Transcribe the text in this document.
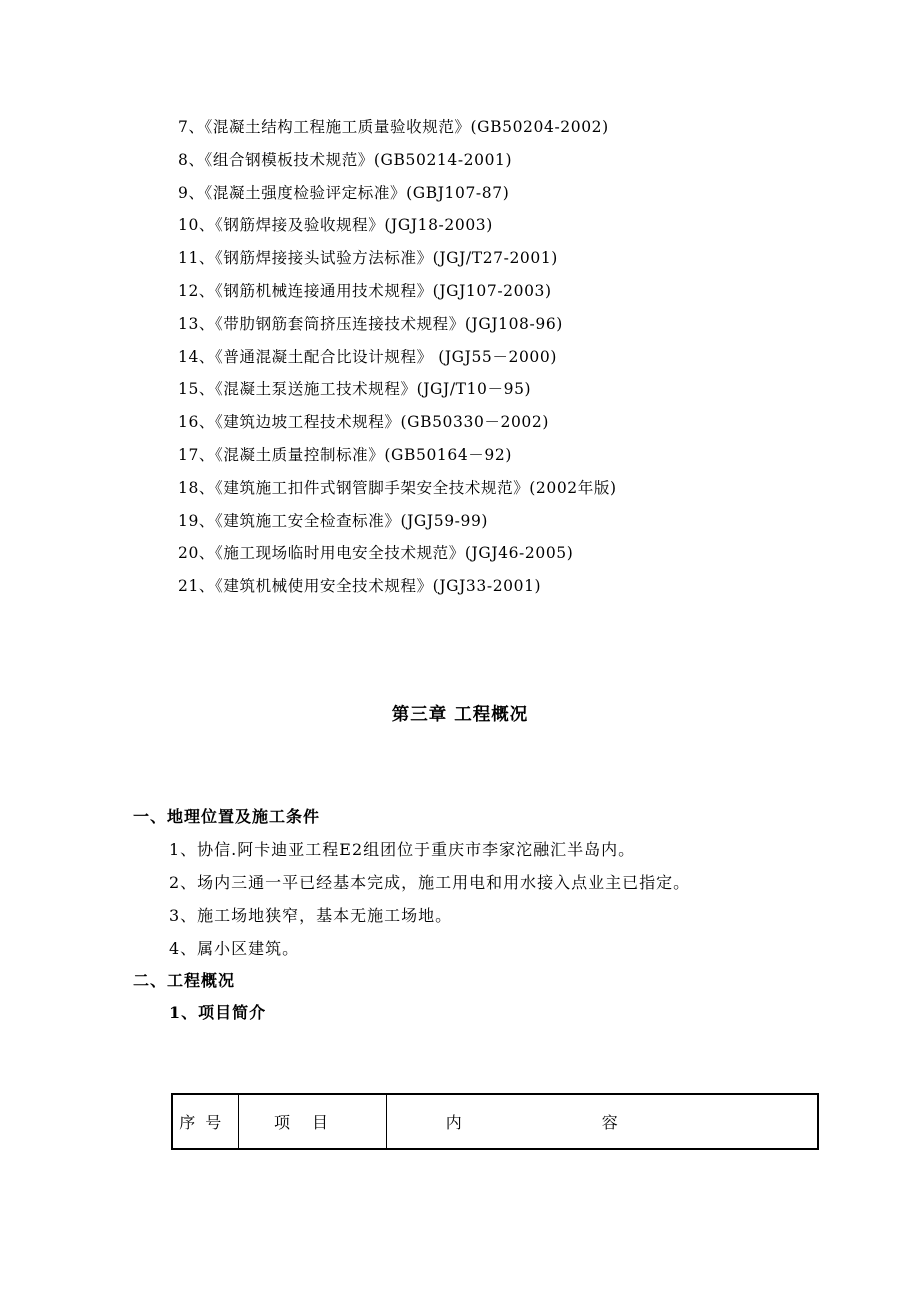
7、《混凝土结构工程施工质量验收规范》(GB50204-2002)
8、《组合钢模板技术规范》(GB50214-2001)
9、《混凝土强度检验评定标准》(GBJ107-87)
10、《钢筋焊接及验收规程》(JGJ18-2003)
11、《钢筋焊接接头试验方法标准》(JGJ/T27-2001)
12、《钢筋机械连接通用技术规程》(JGJ107-2003)
13、《带肋钢筋套筒挤压连接技术规程》(JGJ108-96)
14、《普通混凝土配合比设计规程》 (JGJ55－2000)
15、《混凝土泵送施工技术规程》(JGJ/T10－95)
16、《建筑边坡工程技术规程》(GB50330－2002)
17、《混凝土质量控制标准》(GB50164－92)
18、《建筑施工扣件式钢管脚手架安全技术规范》(2002年版)
19、《建筑施工安全检查标准》(JGJ59-99)
20、《施工现场临时用电安全技术规范》(JGJ46-2005)
21、《建筑机械使用安全技术规程》(JGJ33-2001)
第三章 工程概况
一、地理位置及施工条件

1、协信.阿卡迪亚工程E2组团位于重庆市李家沱融汇半岛内。

2、场内三通一平已经基本完成，施工用电和用水接入点业主已指定。

3、施工场地狭窄，基本无施工场地。

4、属小区建筑。

二、工程概况
1、项目简介
序号	项目	内容
